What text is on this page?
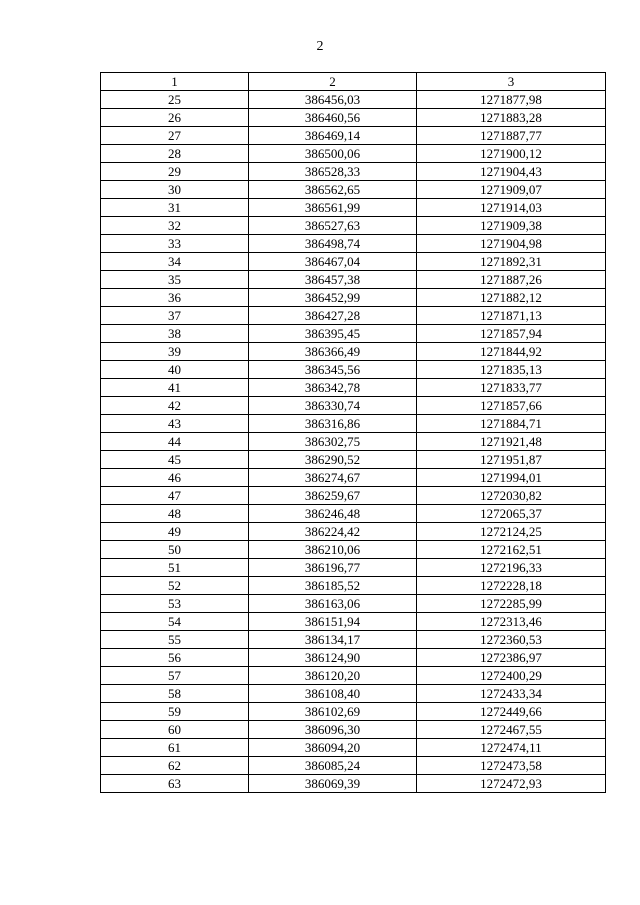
2
1	2	3
25	386456,03	1271877,98
26	386460,56	1271883,28
27	386469,14	1271887,77
28	386500,06	1271900,12
29	386528,33	1271904,43
30	386562,65	1271909,07
31	386561,99	1271914,03
32	386527,63	1271909,38
33	386498,74	1271904,98
34	386467,04	1271892,31
35	386457,38	1271887,26
36	386452,99	1271882,12
37	386427,28	1271871,13
38	386395,45	1271857,94
39	386366,49	1271844,92
40	386345,56	1271835,13
41	386342,78	1271833,77
42	386330,74	1271857,66
43	386316,86	1271884,71
44	386302,75	1271921,48
45	386290,52	1271951,87
46	386274,67	1271994,01
47	386259,67	1272030,82
48	386246,48	1272065,37
49	386224,42	1272124,25
50	386210,06	1272162,51
51	386196,77	1272196,33
52	386185,52	1272228,18
53	386163,06	1272285,99
54	386151,94	1272313,46
55	386134,17	1272360,53
56	386124,90	1272386,97
57	386120,20	1272400,29
58	386108,40	1272433,34
59	386102,69	1272449,66
60	386096,30	1272467,55
61	386094,20	1272474,11
62	386085,24	1272473,58
63	386069,39	1272472,93
